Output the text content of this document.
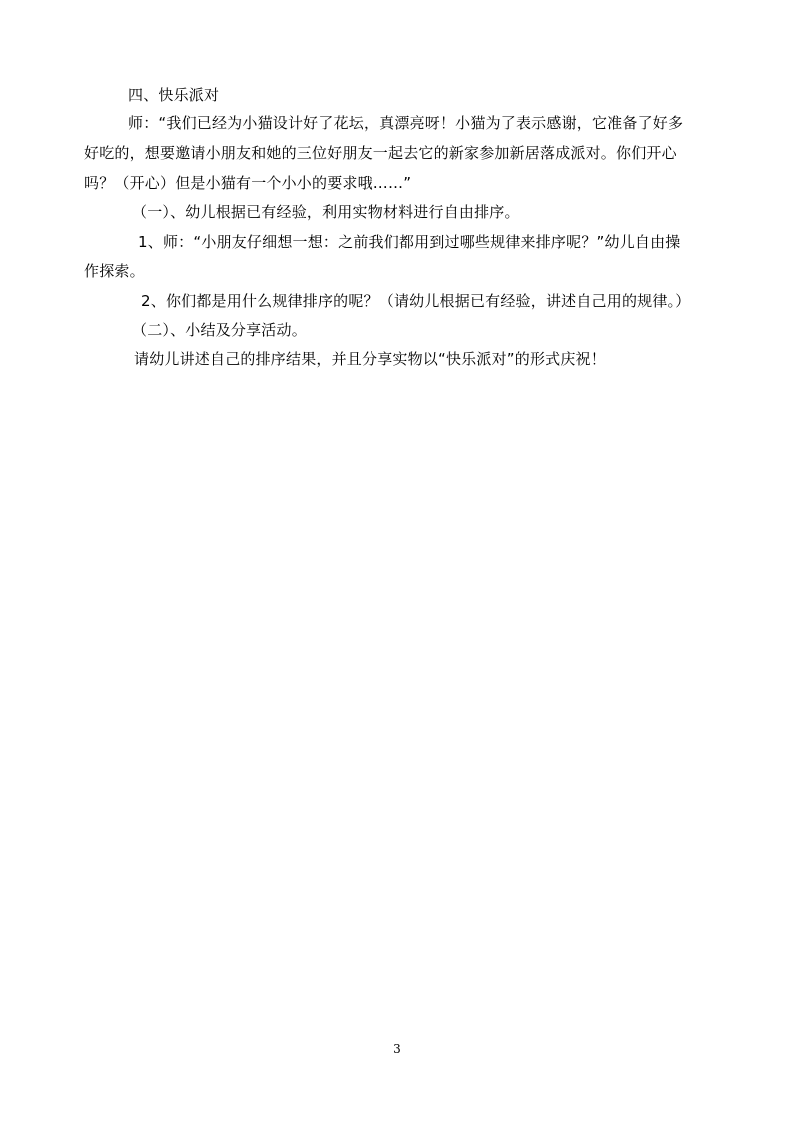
四、快乐派对
师：“我们已经为小猫设计好了花坛，真漂亮呀！小猫为了表示感谢，它准备了好多
好吃的，想要邀请小朋友和她的三位好朋友一起去它的新家参加新居落成派对。你们开心
吗？（开心）但是小猫有一个小小的要求哦……”
（一）、幼儿根据已有经验，利用实物材料进行自由排序。
1、师：“小朋友仔细想一想：之前我们都用到过哪些规律来排序呢？”幼儿自由操
作探索。
2、你们都是用什么规律排序的呢？（请幼儿根据已有经验，讲述自己用的规律。）
（二）、小结及分享活动。
请幼儿讲述自己的排序结果，并且分享实物以“快乐派对”的形式庆祝！
3
